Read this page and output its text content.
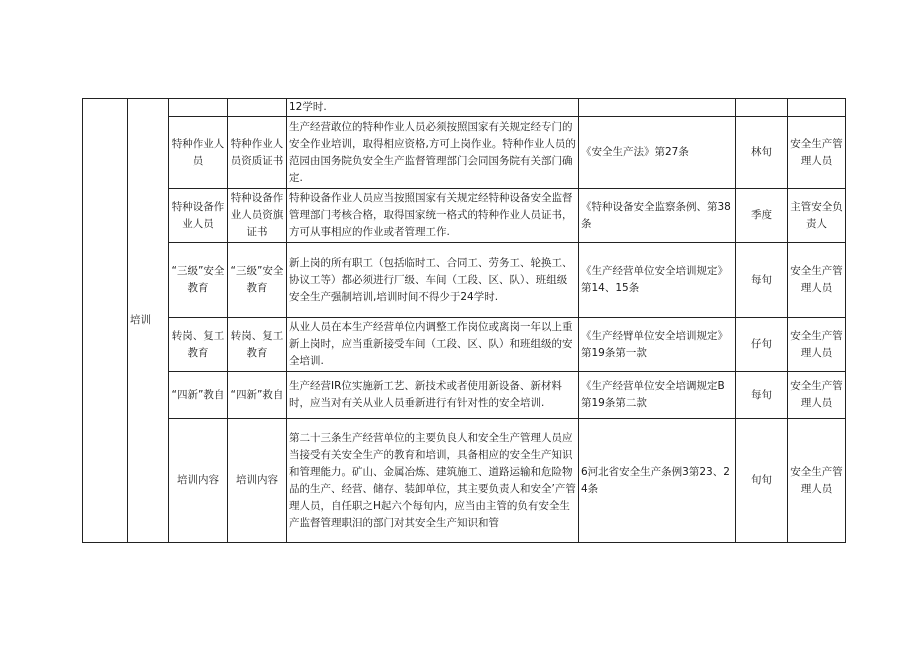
	培训			12学时.			
		特种作业人员	特种作业人员资质证书	生产经营敢位的特种作业人员必须按照国家有关规定经专门的安全作业培训，取得相应资格,方可上岗作业。特种作业人员的范园由国务院负安全生产监督管理部门会同国务院有关部门确定.	《安全生产法》第27条	林旬	安全生产管理人员
		特种设备作业人员	特种设备作业人员资旗证书	特种设备作业人员应当按照国家有关规定经特种设备安全监督管理部门考核合格，取得国家统一格式的特种作业人员证书，方可从事相应的作业或者管理工作.	《特种设备安全监察条例、第38条	季度	主管安全负责人
		“三级”安全教育	“三级”安全教育	新上岗的所有职工（包括临时工、合同工、劳务工、轮换工、协议工等）都必须进行厂级、车间（工段、区、队）、班组级安全生产强制培训,培训时间不得少于24学时.	《生产经营单位安全培训规定》第14、15条	每旬	安全生产管理人员
		转岗、复工教育	转岗、复工教育	从业人员在本生产经营单位内调整工作岗位或离岗一年以上重新上岗时，应当重新接受车间（工段、区、队）和班组级的安全培训.	《生产经臂单位安全培训规定》第19条第一款	仔旬	安全生产管理人员
		“四新”教自	“四新”救自	生产经营IR位实施新工艺、新技术或者使用新设备、新材料时，应当对有关从业人员垂新进行有针对性的安全培训.	《生产经营单位安全培调规定B第19条第二款	每旬	安全生产管理人员
		培训内容	培训内容	第二十三条生产经营单位的主要负良人和安全生产管理人员应当接受有关安全生产的教育和培训，具备相应的安全生产知识和管理能力。矿山、金属冶炼、建筑施工、道路运输和危险物品的生产、经营、储存、装卸单位，其主要负责人和安全’产管理人员，自任职之H起六个每旬内，应当由主管的负有安全生产监督管理职汨的部门对其安全生产知识和管	6河北省安全生产条例3第23、24条	旬旬	安全生产管理人员
